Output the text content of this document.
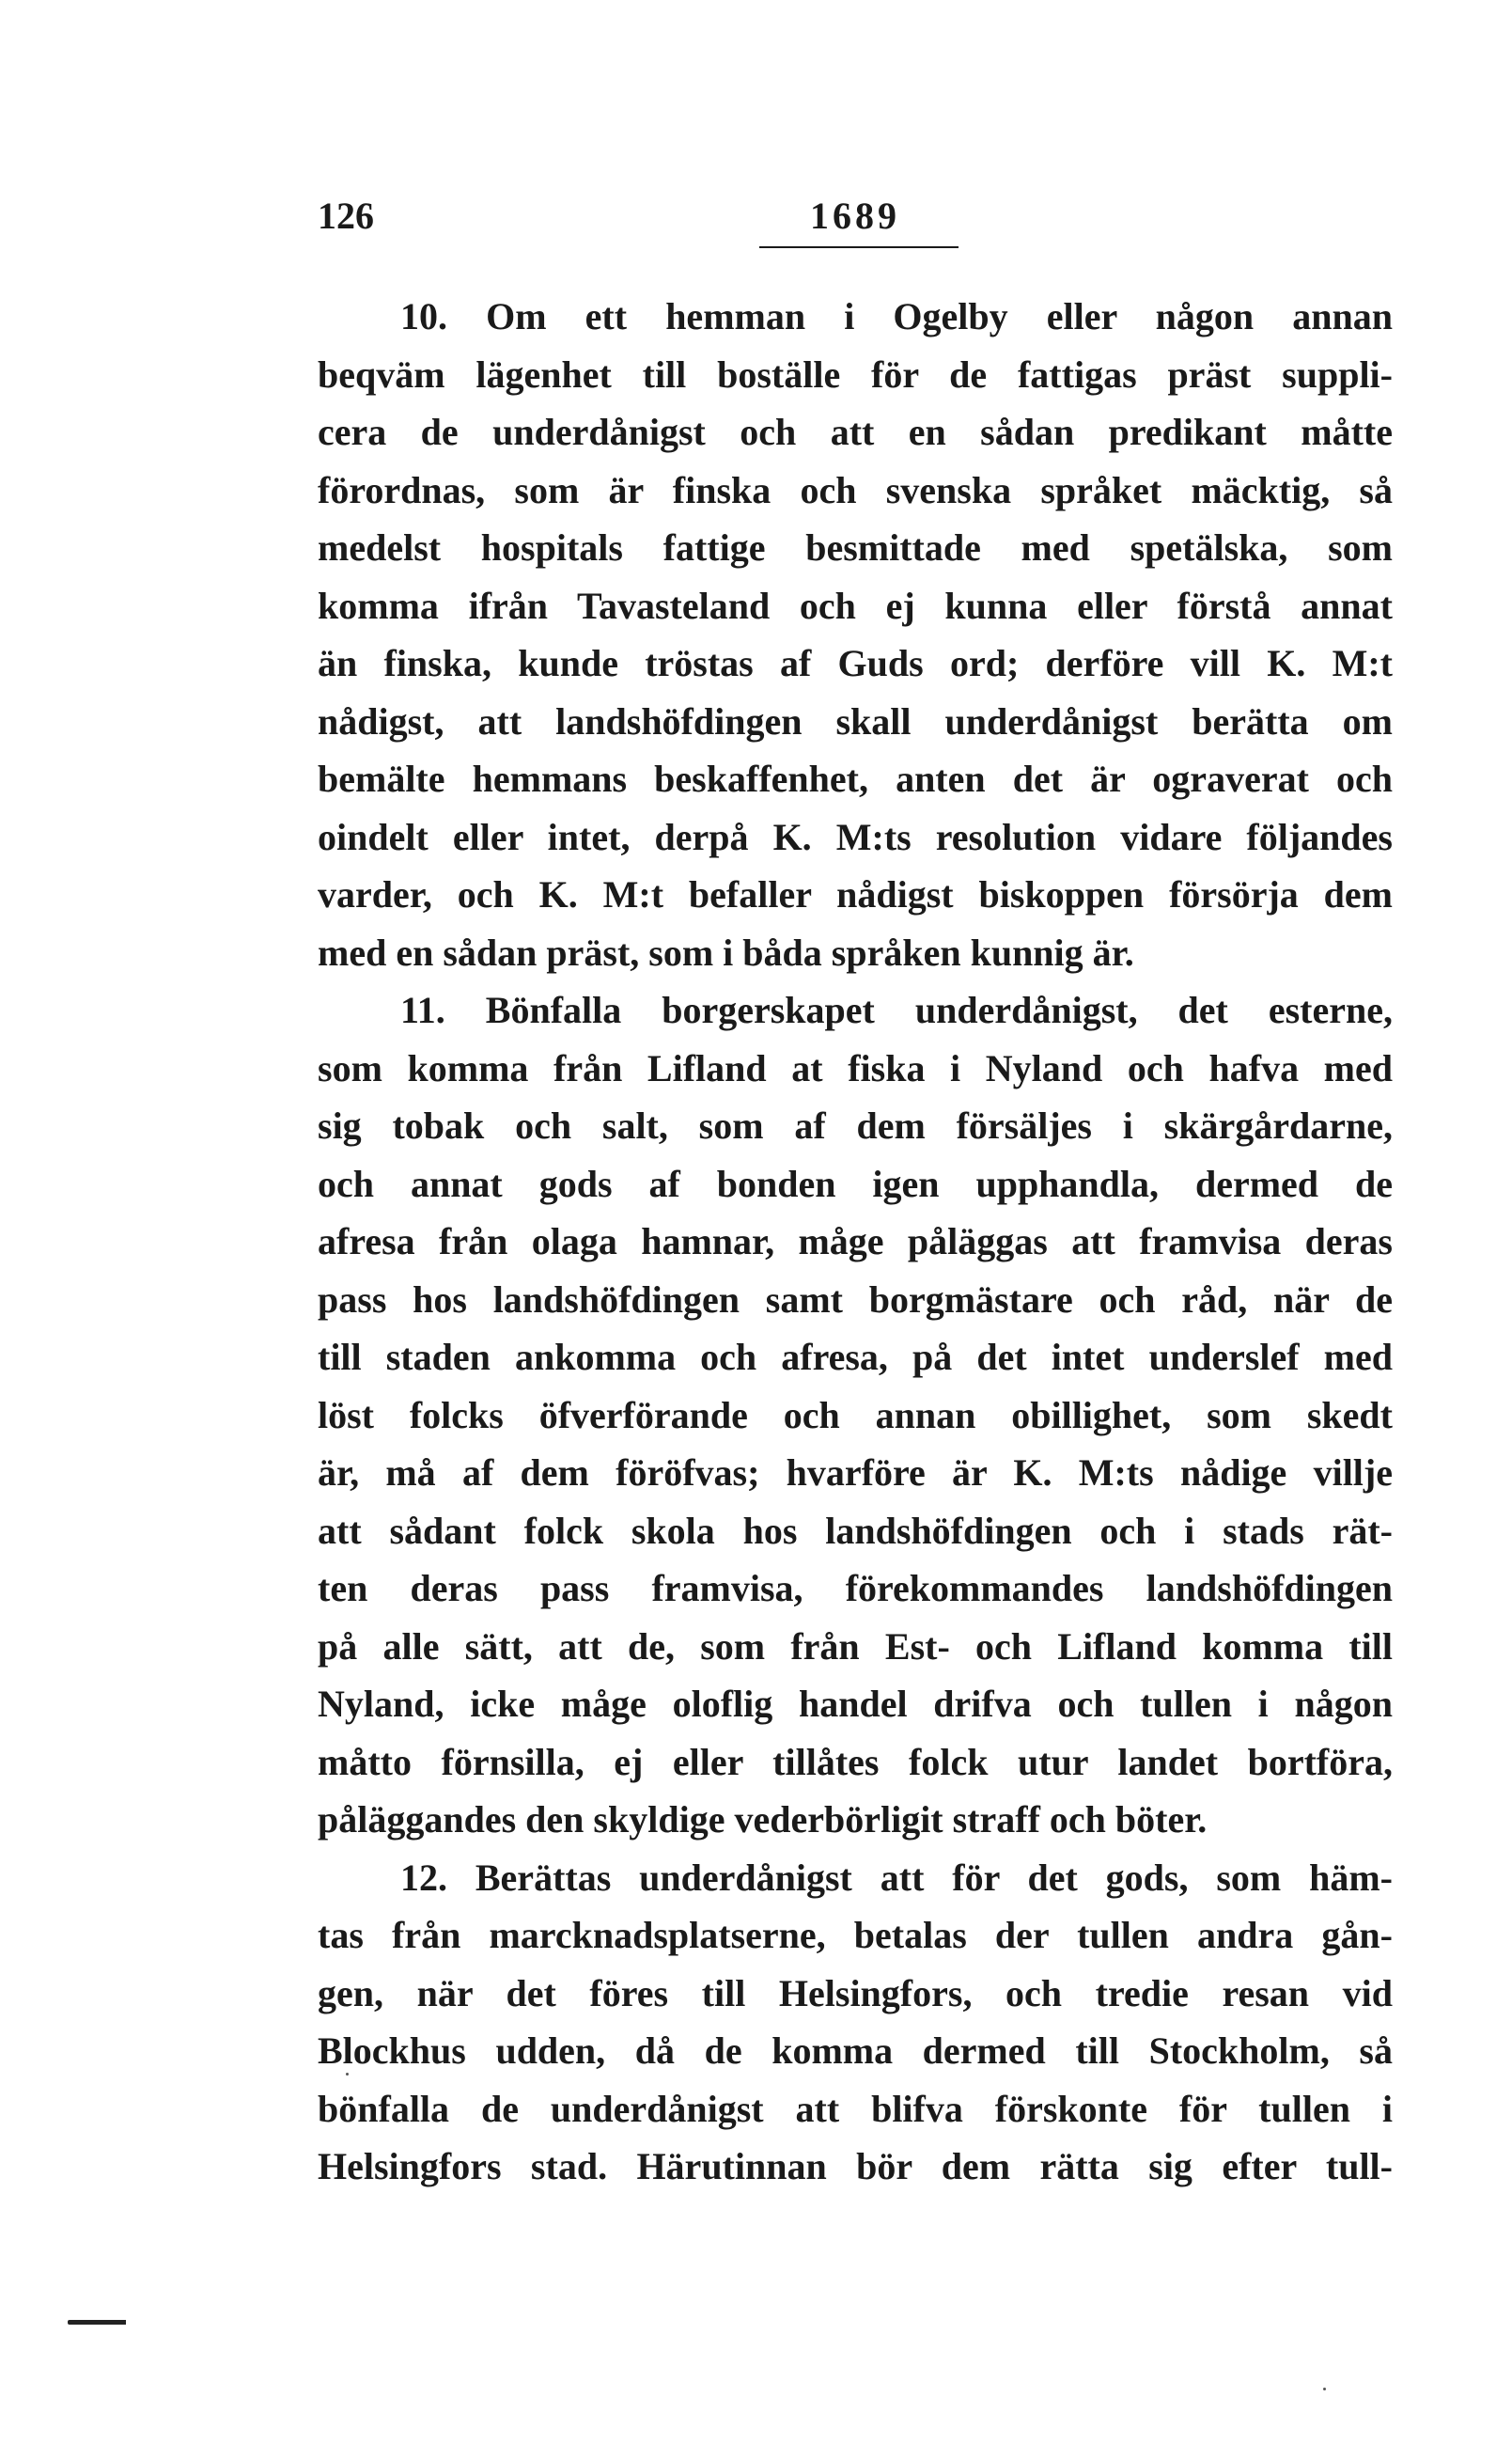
126	1689

10. Om ett hemman i Ogelby eller någon annan
beqväm lägenhet till boställe för de fattigas präst suppli-
cera de underdånigst och att en sådan predikant måtte
förordnas, som är finska och svenska språket mäcktig, så
medelst hospitals fattige besmittade med spetälska, som
komma ifrån Tavasteland och ej kunna eller förstå annat
än finska, kunde tröstas af Guds ord; derföre vill K. M:t
nådigst, att landshöfdingen skall underdånigst berätta om
bemälte hemmans beskaffenhet, anten det är ograverat och
oindelt eller intet, derpå K. M:ts resolution vidare följandes
varder, och K. M:t befaller nådigst biskoppen försörja dem
med en sådan präst, som i båda språken kunnig är.

11. Bönfalla borgerskapet underdånigst, det esterne,
som komma från Lifland at fiska i Nyland och hafva med
sig tobak och salt, som af dem försäljes i skärgårdarne,
och annat gods af bonden igen upphandla, dermed de
afresa från olaga hamnar, måge påläggas att framvisa deras
pass hos landshöfdingen samt borgmästare och råd, när de
till staden ankomma och afresa, på det intet underslef med
löst folcks öfverförande och annan obillighet, som skedt
är, må af dem föröfvas; hvarföre är K. M:ts nådige villje
att sådant folck skola hos landshöfdingen och i stads rät-
ten deras pass framvisa, förekommandes landshöfdingen
på alle sätt, att de, som från Est- och Lifland komma till
Nyland, icke måge oloflig handel drifva och tullen i någon
måtto förnsilla, ej eller tillåtes folck utur landet bortföra,
påläggandes den skyldige vederbörligit straff och böter.

12. Berättas underdånigst att för det gods, som häm-
tas från marcknadsplatserne, betalas der tullen andra gån-
gen, när det föres till Helsingfors, och tredie resan vid
Blockhus udden, då de komma dermed till Stockholm, så
bönfalla de underdånigst att blifva förskonte för tullen i
Helsingfors stad. Härutinnan bör dem rätta sig efter tull-
